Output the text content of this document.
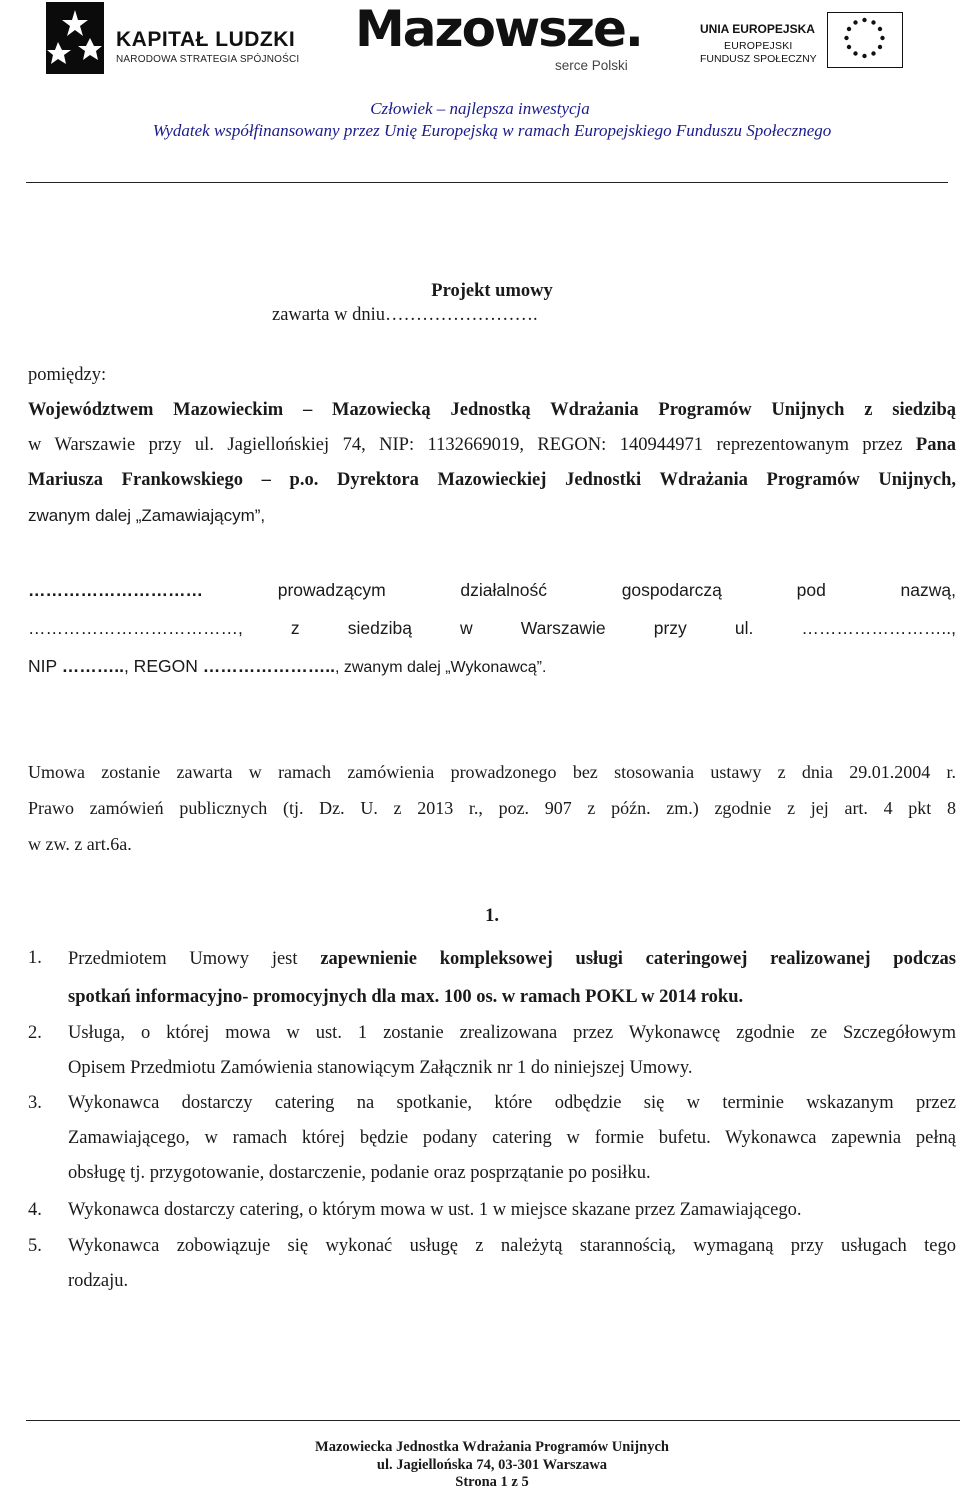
KAPITAŁ LUDZKI
NARODOWA STRATEGIA SPÓJNOŚCI
Mazowsze.
serce Polski
UNIA EUROPEJSKA
EUROPEJSKI
FUNDUSZ SPOŁECZNY
Człowiek – najlepsza inwestycja
Wydatek współfinansowany przez Unię Europejską w ramach Europejskiego Funduszu Społecznego
Projekt umowy
zawarta w dniu…………………….
pomiędzy:
Województwem Mazowieckim – Mazowiecką Jednostką Wdrażania Programów Unijnych z siedzibą
w Warszawie przy ul. Jagiellońskiej 74, NIP: 1132669019, REGON: 140944971 reprezentowanym przez Pana
Mariusza Frankowskiego – p.o. Dyrektora Mazowieckiej Jednostki Wdrażania Programów Unijnych,
zwanym dalej „Zamawiającym”,
…………………………	prowadzącym działalność gospodarczą pod nazwą,
………………………………, z siedzibą w Warszawie przy ul. ……………………..,
NIP ……….., REGON ………………….., zwanym dalej „Wykonawcą”.
Umowa zostanie zawarta w ramach zamówienia prowadzonego bez stosowania ustawy z dnia 29.01.2004 r.
Prawo zamówień publicznych (tj. Dz. U. z 2013 r., poz. 907 z późn. zm.) zgodnie z jej art. 4 pkt 8
w zw. z art.6a.
1.
1. Przedmiotem Umowy jest zapewnienie kompleksowej usługi cateringowej realizowanej podczas
spotkań informacyjno- promocyjnych dla max. 100 os. w ramach POKL w 2014 roku.
2. Usługa, o której mowa w ust. 1 zostanie zrealizowana przez Wykonawcę zgodnie ze Szczegółowym
Opisem Przedmiotu Zamówienia stanowiącym Załącznik nr 1 do niniejszej Umowy.
3. Wykonawca dostarczy catering na spotkanie, które odbędzie się w terminie wskazanym przez
Zamawiającego, w ramach której będzie podany catering w formie bufetu. Wykonawca zapewnia pełną
obsługę tj. przygotowanie, dostarczenie, podanie oraz posprzątanie po posiłku.
4. Wykonawca dostarczy catering, o którym mowa w ust. 1 w miejsce skazane przez Zamawiającego.
5. Wykonawca zobowiązuje się wykonać usługę z należytą starannością, wymaganą przy usługach tego
rodzaju.
Mazowiecka Jednostka Wdrażania Programów Unijnych
ul. Jagiellońska 74, 03-301 Warszawa
Strona 1 z 5
